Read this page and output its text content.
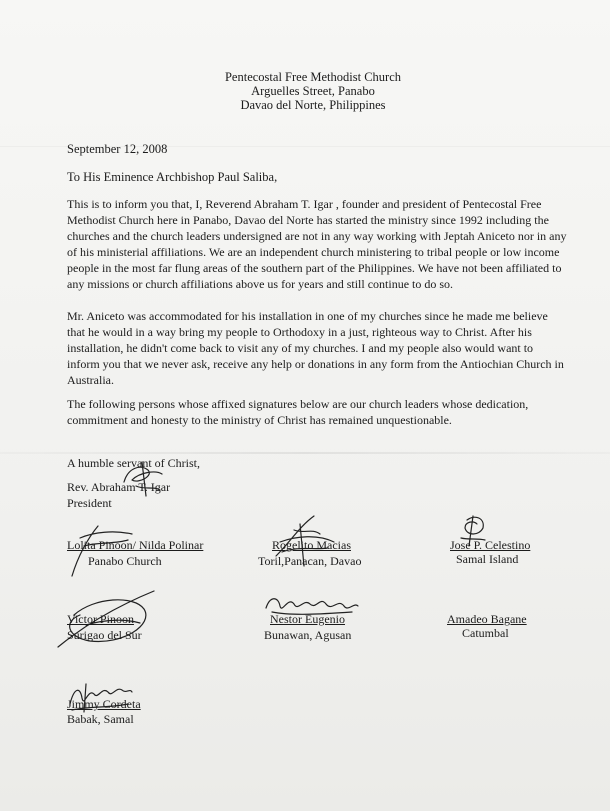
Pentecostal Free Methodist Church
Arguelles Street, Panabo
Davao del Norte, Philippines
September 12, 2008
To His Eminence Archbishop Paul Saliba,

This is to inform you that, I, Reverend Abraham T. Igar , founder and president of Pentecostal Free Methodist Church here in Panabo, Davao del Norte has started the ministry since 1992 including the churches and the church leaders undersigned are not in any way working with Jeptah Aniceto nor in any of his ministerial affiliations. We are an independent church ministering to tribal people or low income people in the most far flung areas of the southern part of the Philippines. We have not been affiliated to any missions or church affiliations above us for years and still continue to do so.

Mr. Aniceto was accommodated for his installation in one of my churches since he made me believe that he would in a way bring my people to Orthodoxy in a just, righteous way to Christ. After his installation, he didn't come back to visit any of my churches. I and my people also would want to inform you that we never ask, receive any help or donations in any form from the Antiochian Church in Australia.

The following persons whose affixed signatures below are our church leaders whose dedication, commitment and honesty to the ministry of Christ has remained unquestionable.

A humble servant of Christ,
Rev. Abraham T. Igar
President
Lolita Pinoon/ Nilda Polinar
Panabo Church
Rogelito Macias
Toril,Panacan, Davao
Jose P. Celestino
Samal Island
Victor Pinoon
Surigao del Sur
Nestor Eugenio
Bunawan, Agusan
Amadeo Bagane
Catumbal
Jimmy Cordeta
Babak, Samal
